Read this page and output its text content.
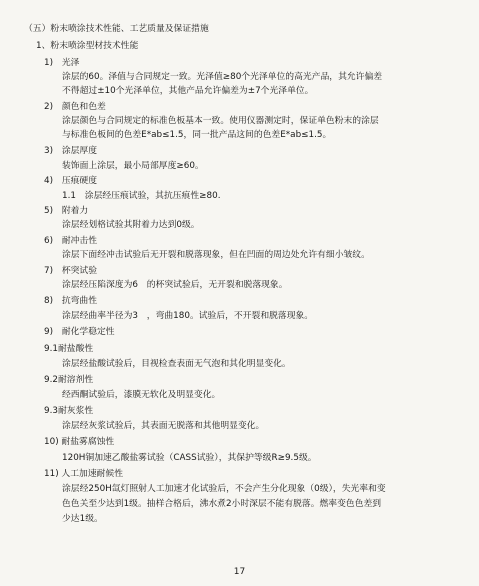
（五）粉末喷涂技术性能、工艺质量及保证措施
1、粉末喷涂型材技术性能
1)　光泽
涂层的60。泽值与合同规定一致。光泽值≥80个光泽单位的高光产品，其允许偏差
不得超过±10个光泽单位，其他产品允许偏差为±7个光泽单位。
2)　颜色和色差
涂层颜色与合同规定的标准色板基本一致。使用仪器测定时，保证单色粉末的涂层
与标准色板间的色差E*ab≤1.5，同一批产品这间的色差E*ab≤1.5。
3)　涂层厚度
装饰面上涂层，最小局部厚度≥60。
4)　压痕硬度
1.1　涂层经压痕试验，其抗压痕性≥80.
5)　附着力
涂层经划格试验其附着力达到0级。
6)　耐冲击性
涂层下面经冲击试验后无开裂和脱落现象，但在凹面的周边处允许有细小皱纹。
7)　杯突试验
涂层经压陷深度为6　的杯突试验后，无开裂和脱落现象。
8)　抗弯曲性
涂层经曲率半径为3　，弯曲180。试验后，不开裂和脱落现象。
9)　耐化学稳定性
9.1耐盐酸性
涂层经盐酸试验后，目视检查表面无气泡和其化明显变化。
9.2耐溶剂性
经西酮试验后，漆膜无软化及明显变化。
9.3耐灰浆性
涂层经灰浆试验后，其表面无脱落和其他明显变化。
10) 耐盐雾腐蚀性
120H铜加速乙酸盐雾试验（CASS试验），其保护等级R≥9.5级。
11) 人工加速耐候性
涂层经250H氙灯照射人工加速才化试验后，不会产生分化现象（0级），失光率和变
色色关至少达到1级。抽样合格后，沸水煮2小时深层不能有脱落。燃率变色色差到
少达1级。
17
